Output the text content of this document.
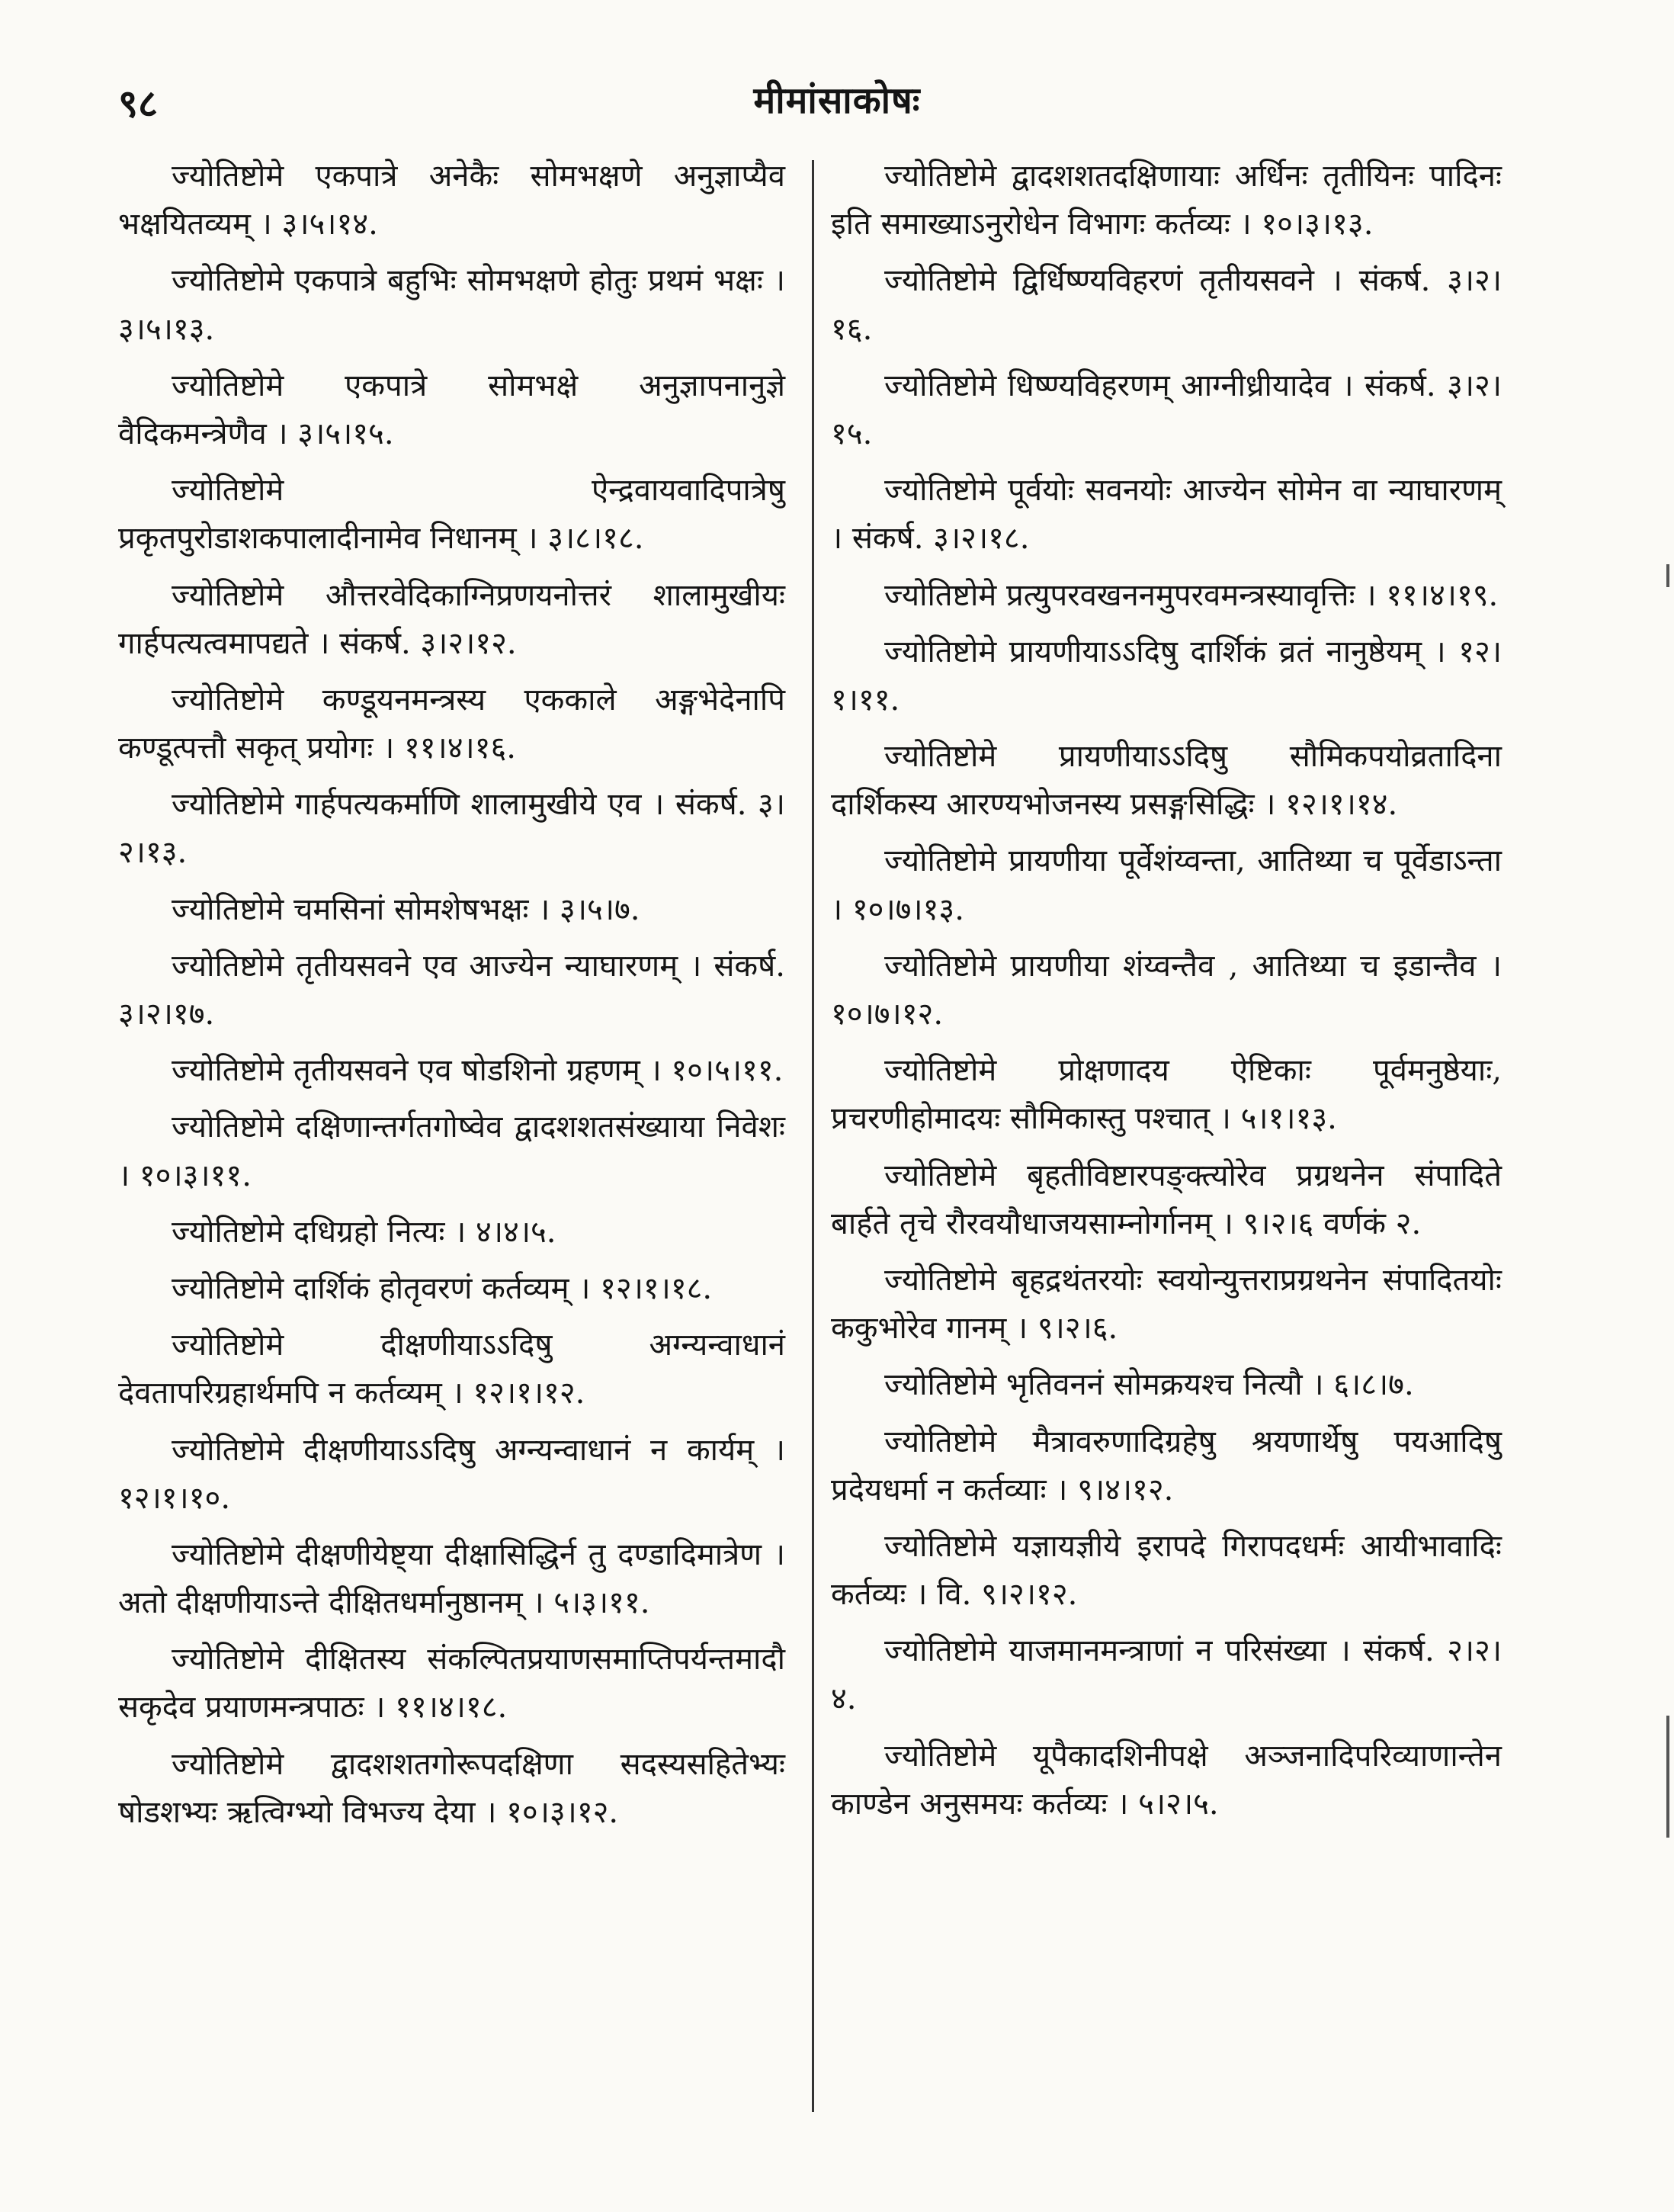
९८	मीमांसाकोषः

ज्योतिष्टोमे एकपात्रे अनेकैः सोमभक्षणे अनुज्ञाप्यैव भक्षयितव्यम् । ३।५।१४.

ज्योतिष्टोमे एकपात्रे बहुभिः सोमभक्षणे होतुः प्रथमं भक्षः । ३।५।१३.

ज्योतिष्टोमे एकपात्रे सोमभक्षे अनुज्ञापनानुज्ञे वैदिकमन्त्रेणैव । ३।५।१५.

ज्योतिष्टोमे ऐन्द्रवायवादिपात्रेषु प्रकृतपुरोडाशकपालादीनामेव निधानम् । ३।८।१८.

ज्योतिष्टोमे औत्तरवेदिकाग्निप्रणयनोत्तरं शालामुखीयः गार्हपत्यत्वमापद्यते । संकर्ष. ३।२।१२.

ज्योतिष्टोमे कण्डूयनमन्त्रस्य एककाले अङ्गभेदेनापि कण्डूत्पत्तौ सकृत् प्रयोगः । ११।४।१६.

ज्योतिष्टोमे गार्हपत्यकर्माणि शालामुखीये एव । संकर्ष. ३।२।१३.

ज्योतिष्टोमे चमसिनां सोमशेषभक्षः । ३।५।७.

ज्योतिष्टोमे तृतीयसवने एव आज्येन न्याघारणम् । संकर्ष. ३।२।१७.

ज्योतिष्टोमे तृतीयसवने एव षोडशिनो ग्रहणम् । १०।५।११.

ज्योतिष्टोमे दक्षिणान्तर्गतगोष्वेव द्वादशशतसंख्याया निवेशः । १०।३।११.

ज्योतिष्टोमे दधिग्रहो नित्यः । ४।४।५.

ज्योतिष्टोमे दार्शिकं होतृवरणं कर्तव्यम् । १२।१।१८.

ज्योतिष्टोमे दीक्षणीयाऽऽदिषु अग्न्यन्वाधानं देवतापरिग्रहार्थमपि न कर्तव्यम् । १२।१।१२.

ज्योतिष्टोमे दीक्षणीयाऽऽदिषु अग्न्यन्वाधानं न कार्यम् । १२।१।१०.

ज्योतिष्टोमे दीक्षणीयेष्ट्या दीक्षासिद्धिर्न तु दण्डादिमात्रेण । अतो दीक्षणीयाऽन्ते दीक्षितधर्मानुष्ठानम् । ५।३।११.

ज्योतिष्टोमे दीक्षितस्य संकल्पितप्रयाणसमाप्तिपर्यन्तमादौ सकृदेव प्रयाणमन्त्रपाठः । ११।४।१८.

ज्योतिष्टोमे द्वादशशतगोरूपदक्षिणा सदस्यसहितेभ्यः षोडशभ्यः ऋत्विग्भ्यो विभज्य देया । १०।३।१२.

ज्योतिष्टोमे द्वादशशतदक्षिणायाः अर्धिनः तृतीयिनः पादिनः इति समाख्याऽनुरोधेन विभागः कर्तव्यः । १०।३।१३.

ज्योतिष्टोमे द्विर्धिष्ण्यविहरणं तृतीयसवने । संकर्ष. ३।२।१६.

ज्योतिष्टोमे धिष्ण्यविहरणम् आग्नीध्रीयादेव । संकर्ष. ३।२।१५.

ज्योतिष्टोमे पूर्वयोः सवनयोः आज्येन सोमेन वा न्याघारणम् । संकर्ष. ३।२।१८.

ज्योतिष्टोमे प्रत्युपरवखननमुपरवमन्त्रस्यावृत्तिः । ११।४।१९.

ज्योतिष्टोमे प्रायणीयाऽऽदिषु दार्शिकं व्रतं नानुष्ठेयम् । १२।१।११.

ज्योतिष्टोमे प्रायणीयाऽऽदिषु सौमिकपयोव्रतादिना दार्शिकस्य आरण्यभोजनस्य प्रसङ्गसिद्धिः । १२।१।१४.

ज्योतिष्टोमे प्रायणीया पूर्वेशंय्वन्ता, आतिथ्या च पूर्वेडाऽन्ता । १०।७।१३.

ज्योतिष्टोमे प्रायणीया शंय्वन्तैव , आतिथ्या च इडान्तैव । १०।७।१२.

ज्योतिष्टोमे प्रोक्षणादय ऐष्टिकाः पूर्वमनुष्ठेयाः, प्रचरणीहोमादयः सौमिकास्तु पश्चात् । ५।१।१३.

ज्योतिष्टोमे बृहतीविष्टारपङ्क्त्योरेव प्रग्रथनेन संपादिते बार्हते तृचे रौरवयौधाजयसाम्नोर्गानम् । ९।२।६ वर्णकं २.

ज्योतिष्टोमे बृहद्रथंतरयोः स्वयोन्युत्तराप्रग्रथनेन संपादितयोः ककुभोरेव गानम् । ९।२।६.

ज्योतिष्टोमे भृतिवननं सोमक्रयश्च नित्यौ । ६।८।७.

ज्योतिष्टोमे मैत्रावरुणादिग्रहेषु श्रयणार्थेषु पयआदिषु प्रदेयधर्मा न कर्तव्याः । ९।४।१२.

ज्योतिष्टोमे यज्ञायज्ञीये इरापदे गिरापदधर्मः आयीभावादिः कर्तव्यः । वि. ९।२।१२.

ज्योतिष्टोमे याजमानमन्त्राणां न परिसंख्या । संकर्ष. २।२।४.

ज्योतिष्टोमे यूपैकादशिनीपक्षे अञ्जनादिपरिव्याणान्तेन काण्डेन अनुसमयः कर्तव्यः । ५।२।५.
